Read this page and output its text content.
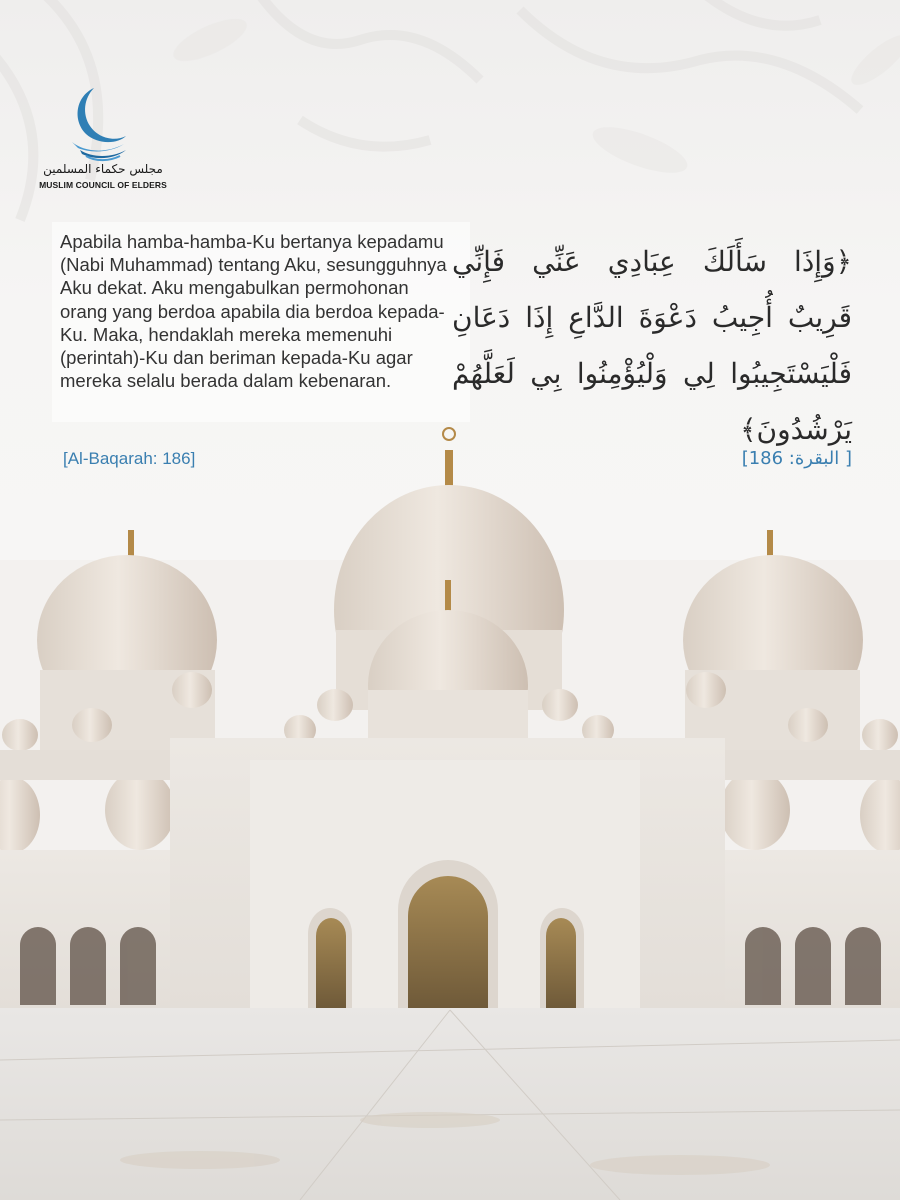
مجلس حكماء المسلمين
MUSLIM COUNCIL OF ELDERS

Apabila hamba-hamba-Ku bertanya kepadamu (Nabi Muhammad) tentang Aku, sesungguhnya Aku dekat. Aku mengabulkan permohonan orang yang berdoa apabila dia berdoa kepada-Ku. Maka, hendaklah mereka memenuhi (perintah)-Ku dan beriman kepada-Ku agar mereka selalu berada dalam kebenaran.

[Al-Baqarah: 186]

﴿وَإِذَا سَأَلَكَ عِبَادِي عَنِّي فَإِنِّي قَرِيبٌ أُجِيبُ دَعْوَةَ الدَّاعِ إِذَا دَعَانِ فَلْيَسْتَجِيبُوا لِي وَلْيُؤْمِنُوا بِي لَعَلَّهُمْ يَرْشُدُونَ﴾

[ البقرة: 186]
